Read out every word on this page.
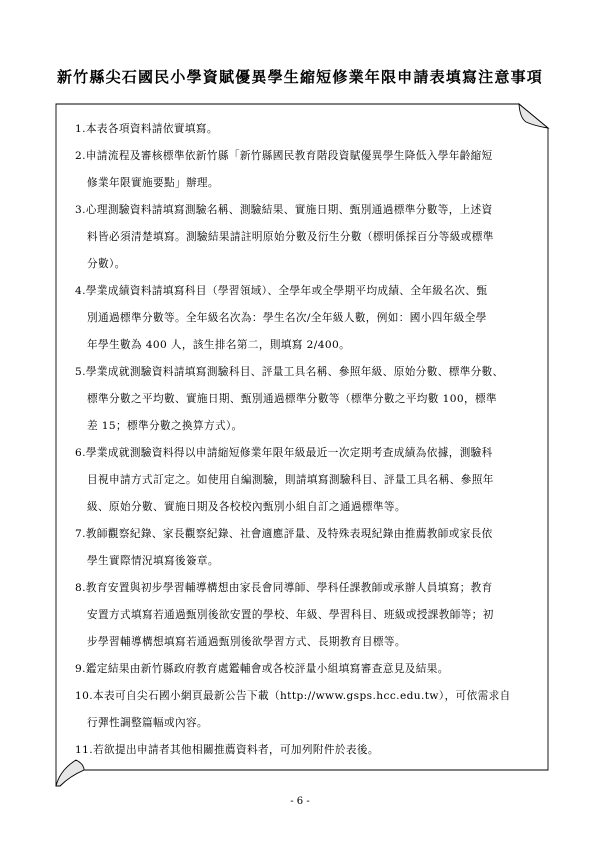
新竹縣尖石國民小學資賦優異學生縮短修業年限申請表填寫注意事項

1.本表各項資料請依實填寫。

2.申請流程及審核標準依新竹縣「新竹縣國民教育階段資賦優異學生降低入學年齡縮短
修業年限實施要點」辦理。

3.心理測驗資料請填寫測驗名稱、測驗結果、實施日期、甄別通過標準分數等，上述資
料皆必須清楚填寫。測驗結果請註明原始分數及衍生分數（標明係採百分等級或標準
分數）。

4.學業成績資料請填寫科目（學習領域）、全學年或全學期平均成績、全年級名次、甄
別通過標準分數等。全年級名次為：學生名次/全年級人數，例如：國小四年級全學
年學生數為 400 人，該生排名第二，則填寫 2/400。

5.學業成就測驗資料請填寫測驗科目、評量工具名稱、參照年級、原始分數、標準分數、
標準分數之平均數、實施日期、甄別通過標準分數等（標準分數之平均數 100，標準
差 15；標準分數之換算方式）。

6.學業成就測驗資料得以申請縮短修業年限年級最近一次定期考查成績為依據，測驗科
目視申請方式訂定之。如使用自編測驗，則請填寫測驗科目、評量工具名稱、參照年
級、原始分數、實施日期及各校校內甄別小組自訂之通過標準等。

7.教師觀察紀錄、家長觀察紀錄、社會適應評量、及特殊表現紀錄由推薦教師或家長依
學生實際情況填寫後簽章。

8.教育安置與初步學習輔導構想由家長會同導師、學科任課教師或承辦人員填寫；教育
安置方式填寫若通過甄別後欲安置的學校、年級、學習科目、班級或授課教師等；初
步學習輔導構想填寫若通過甄別後欲學習方式、長期教育目標等。

9.鑑定結果由新竹縣政府教育處鑑輔會或各校評量小組填寫審查意見及結果。

10.本表可自尖石國小網頁最新公告下載（http://www.gsps.hcc.edu.tw），可依需求自
行彈性調整篇幅或內容。

11.若欲提出申請者其他相關推薦資料者，可加列附件於表後。

- 6 -
